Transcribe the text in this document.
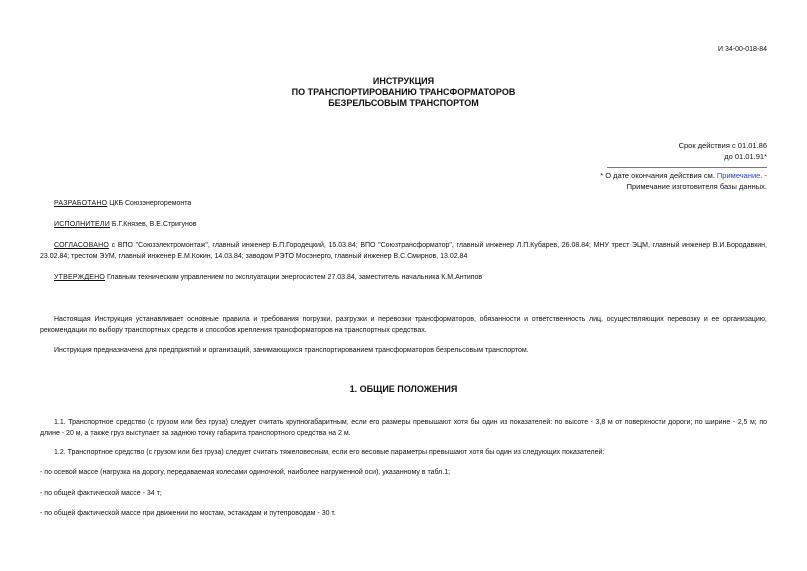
И 34-00-018-84
ИНСТРУКЦИЯ
ПО ТРАНСПОРТИРОВАНИЮ ТРАНСФОРМАТОРОВ
БЕЗРЕЛЬСОВЫМ ТРАНСПОРТОМ
Срок действия с 01.01.86
до 01.01.91*
* О дате окончания действия см. Примечание. -
Примечание изготовителя базы данных.
РАЗРАБОТАНО ЦКБ Союзэнергоремонта
ИСПОЛНИТЕЛИ Б.Г.Князев, В.Е.Стригунов
СОГЛАСОВАНО с ВПО "Союзэлектромонтаж", главный инженер Б.П.Городецкий, 15.03.84; ВПО "Союзтрансформатор", главный инженер Л.П.Кубарев, 26.08.84; МНУ трест ЭЦМ, главный инженер В.И.Бородавкин, 23.02.84; трестом ЭУМ, главный инженер Е.М.Кокин, 14.03.84; заводом РЭТО Мосэнерго, главный инженер В.С.Смирнов, 13.02.84
УТВЕРЖДЕНО Главным техническим управлением по эксплуатации энергосистем 27.03.84, заместитель начальника К.М.Антипов
Настоящая Инструкция устанавливает основные правила и требования погрузки, разгрузки и перевозки трансформаторов, обязанности и ответственность лиц, осуществляющих перевозку и ее организацию, рекомендации по выбору транспортных средств и способов крепления трансформаторов на транспортных средствах.
Инструкция предназначена для предприятий и организаций, занимающихся транспортированием трансформаторов безрельсовым транспортом.
1. ОБЩИЕ ПОЛОЖЕНИЯ
1.1. Транспортное средство (с грузом или без груза) следует считать крупногабаритным, если его размеры превышают хотя бы один из показателей: по высоте - 3,8 м от поверхности дороги; по ширине - 2,5 м; по длине - 20 м, а также груз выступает за заднюю точку габарита транспортного средства на 2 м.
1.2. Транспортное средство (с грузом или без груза) следует считать тяжеловесным, если его весовые параметры превышают хотя бы один из следующих показателей:
- по осевой массе (нагрузка на дорогу, передаваемая колесами одиночной, наиболее нагруженной оси), указанному в табл.1;
- по общей фактической массе - 34 т;
- по общей фактической массе при движении по мостам, эстакадам и путепроводам - 30 т.
